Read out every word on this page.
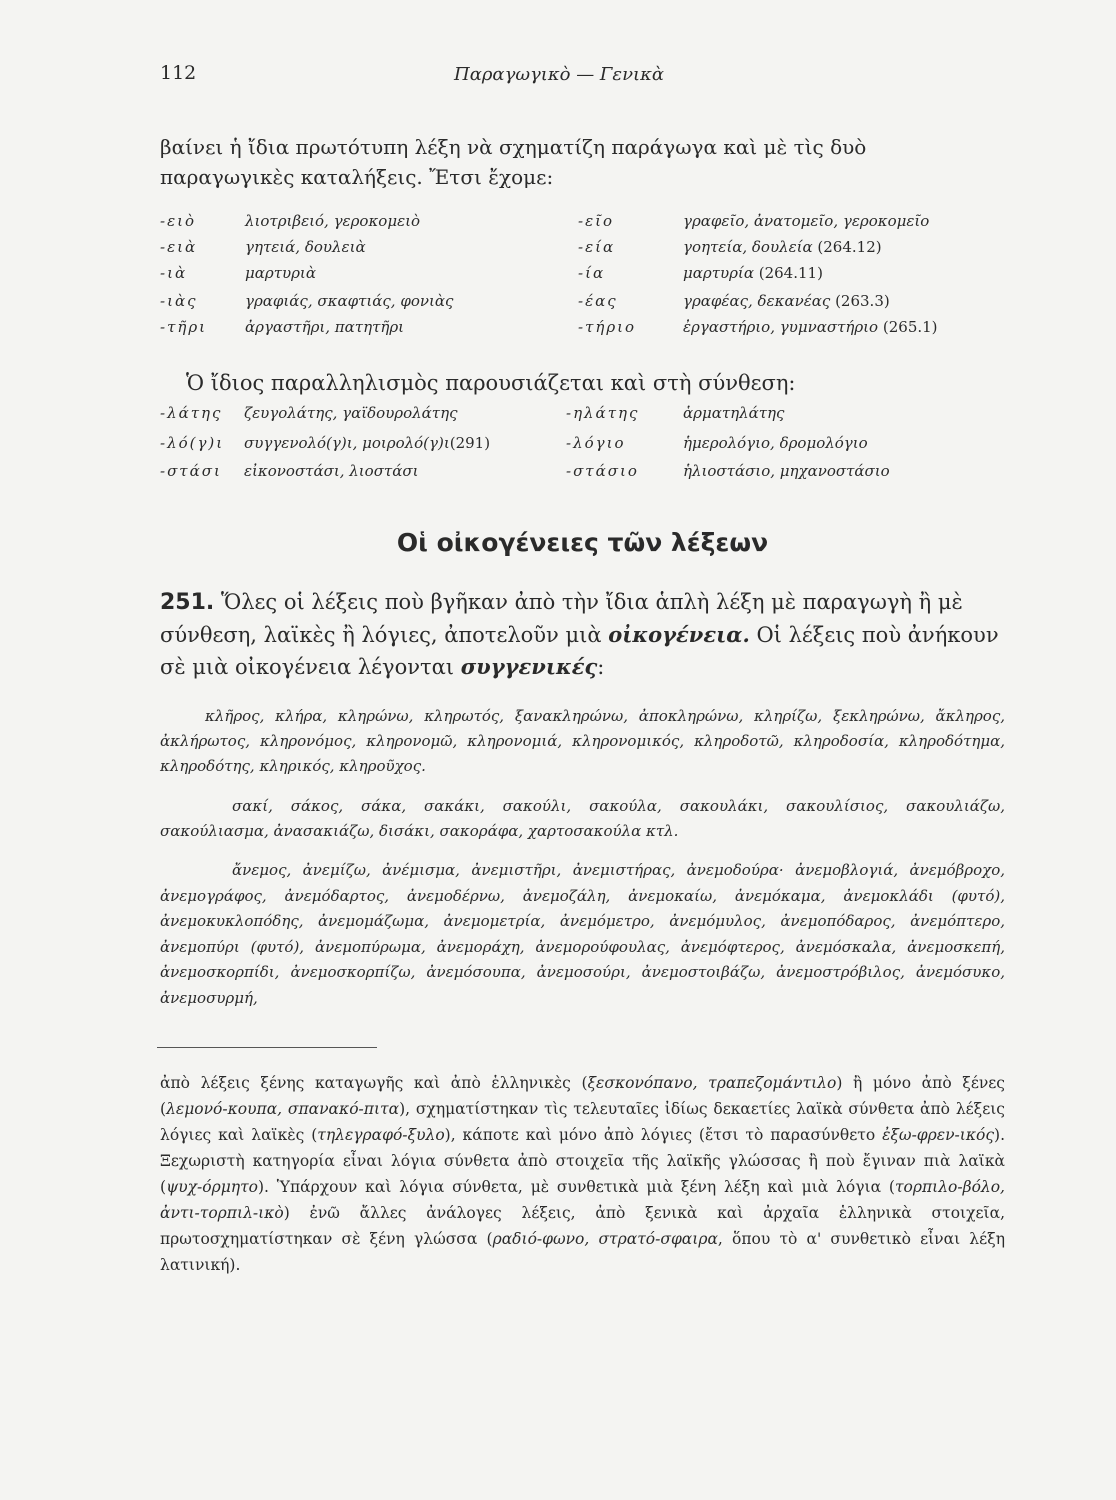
112	Παραγωγικὸ — Γενικὰ

βαίνει ἡ ἴδια πρωτότυπη λέξη νὰ σχηματίζη παράγωγα καὶ μὲ τὶς δυὸ παραγωγικὲς καταλήξεις. Ἔτσι ἔχομε:

-ειὸ	λιοτριβειό, γεροκομειὸ	-εῖο	γραφεῖο, ἀνατομεῖο, γεροκομεῖο
-ειὰ	γητειά, δουλειὰ	-εία	γοητεία, δουλεία (264.12)
-ιὰ	μαρτυριὰ	-ία	μαρτυρία (264.11)
-ιὰς	γραφιάς, σκαφτιάς, φονιὰς	-έας	γραφέας, δεκανέας (263.3)
-τῆρι	ἀργαστῆρι, πατητῆρι	-τήριο	ἐργαστήριο, γυμναστήριο (265.1)

Ὁ ἴδιος παραλληλισμὸς παρουσιάζεται καὶ στὴ σύνθεση:

-λάτης ζευγολάτης, γαϊδουρολάτης	-ηλάτης	ἁρματηλάτης
-λό(γ)ι συγγενολό(γ)ι, μοιρολό(γ)ι(291)	-λόγιο	ἡμερολόγιο, δρομολόγιο
-στάσι εἰκονοστάσι, λιοστάσι	-στάσιο	ἡλιοστάσιο, μηχανοστάσιο
Οἱ οἰκογένειες τῶν λέξεων

251. Ὅλες οἱ λέξεις ποὺ βγῆκαν ἀπὸ τὴν ἴδια ἁπλὴ λέξη μὲ παραγωγὴ ἢ μὲ σύνθεση, λαϊκὲς ἢ λόγιες, ἀποτελοῦν μιὰ οἰκογένεια. Οἱ λέξεις ποὺ ἀνήκουν σὲ μιὰ οἰκογένεια λέγονται συγγενικές:

κλῆρος, κλήρα, κληρώνω, κληρωτός, ξανακληρώνω, ἀποκληρώνω, κληρίζω, ξεκληρώνω, ἄκληρος, ἀκλήρωτος, κληρονόμος, κληρονομῶ, κληρονομιά, κληρονομικός, κληροδοτῶ, κληροδοσία, κληροδότημα, κληροδότης, κληρικός, κληροῦχος.

σακί, σάκος, σάκα, σακάκι, σακούλι, σακούλα, σακουλάκι, σακουλίσιος, σακουλιάζω, σακούλιασμα, ἀνασακιάζω, δισάκι, σακοράφα, χαρτοσακούλα κτλ.

ἄνεμος, ἀνεμίζω, ἀνέμισμα, ἀνεμιστῆρι, ἀνεμιστήρας, ἀνεμοδούρα· ἀνεμοβλογιά, ἀνεμόβροχο, ἀνεμογράφος, ἀνεμόδαρτος, ἀνεμοδέρνω, ἀνεμοζάλη, ἀνεμοκαίω, ἀνεμόκαμα, ἀνεμοκλάδι (φυτό), ἀνεμοκυκλοπόδης, ἀνεμομάζωμα, ἀνεμομετρία, ἀνεμόμετρο, ἀνεμόμυλος, ἀνεμοπόδαρος, ἀνεμόπτερο, ἀνεμοπύρι (φυτό), ἀνεμοπύρωμα, ἀνεμοράχη, ἀνεμορούφουλας, ἀνεμόφτερος, ἀνεμόσκαλα, ἀνεμοσκεπή, ἀνεμοσκορπίδι, ἀνεμοσκορπίζω, ἀνεμόσουπα, ἀνεμοσούρι, ἀνεμοστοιβάζω, ἀνεμοστρόβιλος, ἀνεμόσυκο, ἀνεμοσυρμή,

ἀπὸ λέξεις ξένης καταγωγῆς καὶ ἀπὸ ἑλληνικὲς (ξεσκονόπανο, τραπεζομάντιλο) ἢ μόνο ἀπὸ ξένες (λεμονό-κουπα, σπανακό-πιτα), σχηματίστηκαν τὶς τελευταῖες ἰδίως δεκαετίες λαϊκὰ σύνθετα ἀπὸ λέξεις λόγιες καὶ λαϊκὲς (τηλεγραφό-ξυλο), κάποτε καὶ μόνο ἀπὸ λόγιες (ἔτσι τὸ παρασύνθετο ἐξω-φρεν-ικός). Ξεχωριστὴ κατηγορία εἶναι λόγια σύνθετα ἀπὸ στοιχεῖα τῆς λαϊκῆς γλώσσας ἢ ποὺ ἔγιναν πιὰ λαϊκὰ (ψυχ-όρμητο). Ὑπάρχουν καὶ λόγια σύνθετα, μὲ συνθετικὰ μιὰ ξένη λέξη καὶ μιὰ λόγια (τορπιλο-βόλο, ἀντι-τορπιλ-ικὸ) ἐνῶ ἄλλες ἀνάλογες λέξεις, ἀπὸ ξενικὰ καὶ ἀρχαῖα ἑλληνικὰ στοιχεῖα, πρωτοσχηματίστηκαν σὲ ξένη γλώσσα (ραδιό-φωνο, στρατό-σφαιρα, ὅπου τὸ α' συνθετικὸ εἶναι λέξη λατινική).
